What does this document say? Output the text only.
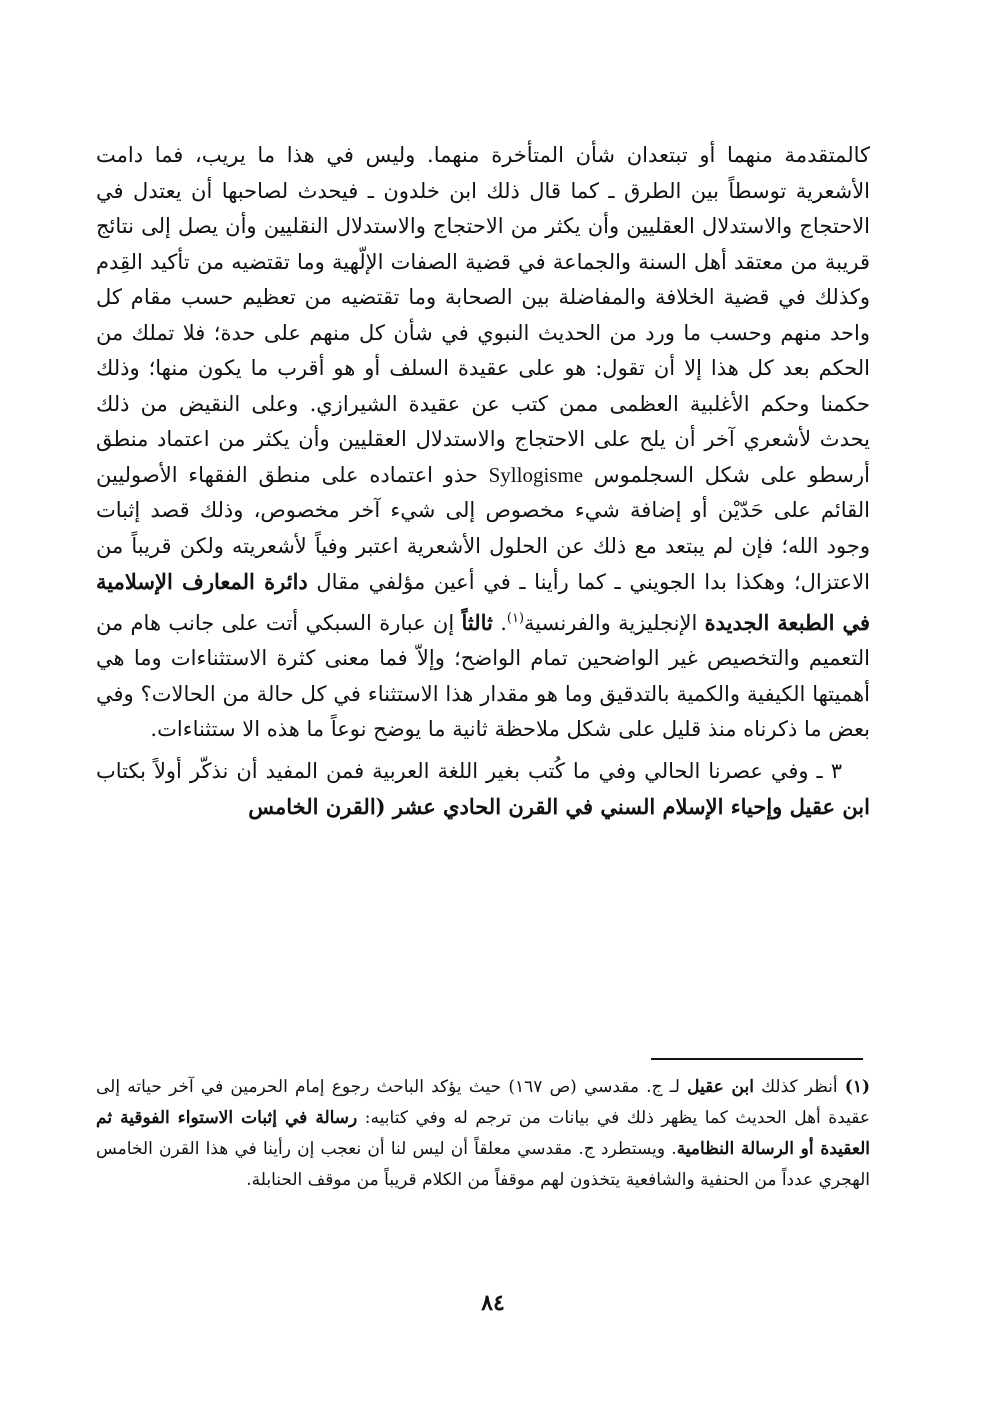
كالمتقدمة منهما أو تبتعدان شأن المتأخرة منهما. وليس في هذا ما يريب، فما دامت الأشعرية توسطاً بين الطرق ـ كما قال ذلك ابن خلدون ـ فيحدث لصاحبها أن يعتدل في الاحتجاج والاستدلال العقليين وأن يكثر من الاحتجاج والاستدلال النقليين وأن يصل إلى نتائج قريبة من معتقد أهل السنة والجماعة في قضية الصفات الإلّهية وما تقتضيه من تأكيد القِدم وكذلك في قضية الخلافة والمفاضلة بين الصحابة وما تقتضيه من تعظيم حسب مقام كل واحد منهم وحسب ما ورد من الحديث النبوي في شأن كل منهم على حدة؛ فلا تملك من الحكم بعد كل هذا إلا أن تقول: هو على عقيدة السلف أو هو أقرب ما يكون منها؛ وذلك حكمنا وحكم الأغلبية العظمى ممن كتب عن عقيدة الشيرازي. وعلى النقيض من ذلك يحدث لأشعري آخر أن يلح على الاحتجاج والاستدلال العقليين وأن يكثر من اعتماد منطق أرسطو على شكل السجلموس Syllogisme حذو اعتماده على منطق الفقهاء الأصوليين القائم على حَدّيْن أو إضافة شيء مخصوص إلى شيء آخر مخصوص، وذلك قصد إثبات وجود الله؛ فإن لم يبتعد مع ذلك عن الحلول الأشعرية اعتبر وفياً لأشعريته ولكن قريباً من الاعتزال؛ وهكذا بدا الجويني ـ كما رأينا ـ في أعين مؤلفي مقال دائرة المعارف الإسلامية في الطبعة الجديدة الإنجليزية والفرنسية$^{(١)}$. ثالثاً إن عبارة السبكي أتت على جانب هام من التعميم والتخصيص غير الواضحين تمام الواضح؛ وإلاّ فما معنى كثرة الاستثناءات وما هي أهميتها الكيفية والكمية بالتدقيق وما هو مقدار هذا الاستثناء في كل حالة من الحالات؟ وفي بعض ما ذكرناه منذ قليل على شكل ملاحظة ثانية ما يوضح نوعاً ما هذه الا ستثناءات.

٣ ـ وفي عصرنا الحالي وفي ما كُتب بغير اللغة العربية فمن المفيد أن نذكّر أولاً بكتاب ابن عقيل وإحياء الإسلام السني في القرن الحادي عشر (القرن الخامس

(١) أنظر كذلك ابن عقيل لـ ج. مقدسي (ص ١٦٧) حيث يؤكد الباحث رجوع إمام الحرمين في آخر حياته إلى عقيدة أهل الحديث كما يظهر ذلك في بيانات من ترجم له وفي كتابيه: رسالة في إثبات الاستواء الفوقية ثم العقيدة أو الرسالة النظامية. ويستطرد ج. مقدسي معلقاً أن ليس لنا أن نعجب إن رأينا في هذا القرن الخامس الهجري عدداً من الحنفية والشافعية يتخذون لهم موقفاً من الكلام قريباً من موقف الحنابلة.

٨٤
